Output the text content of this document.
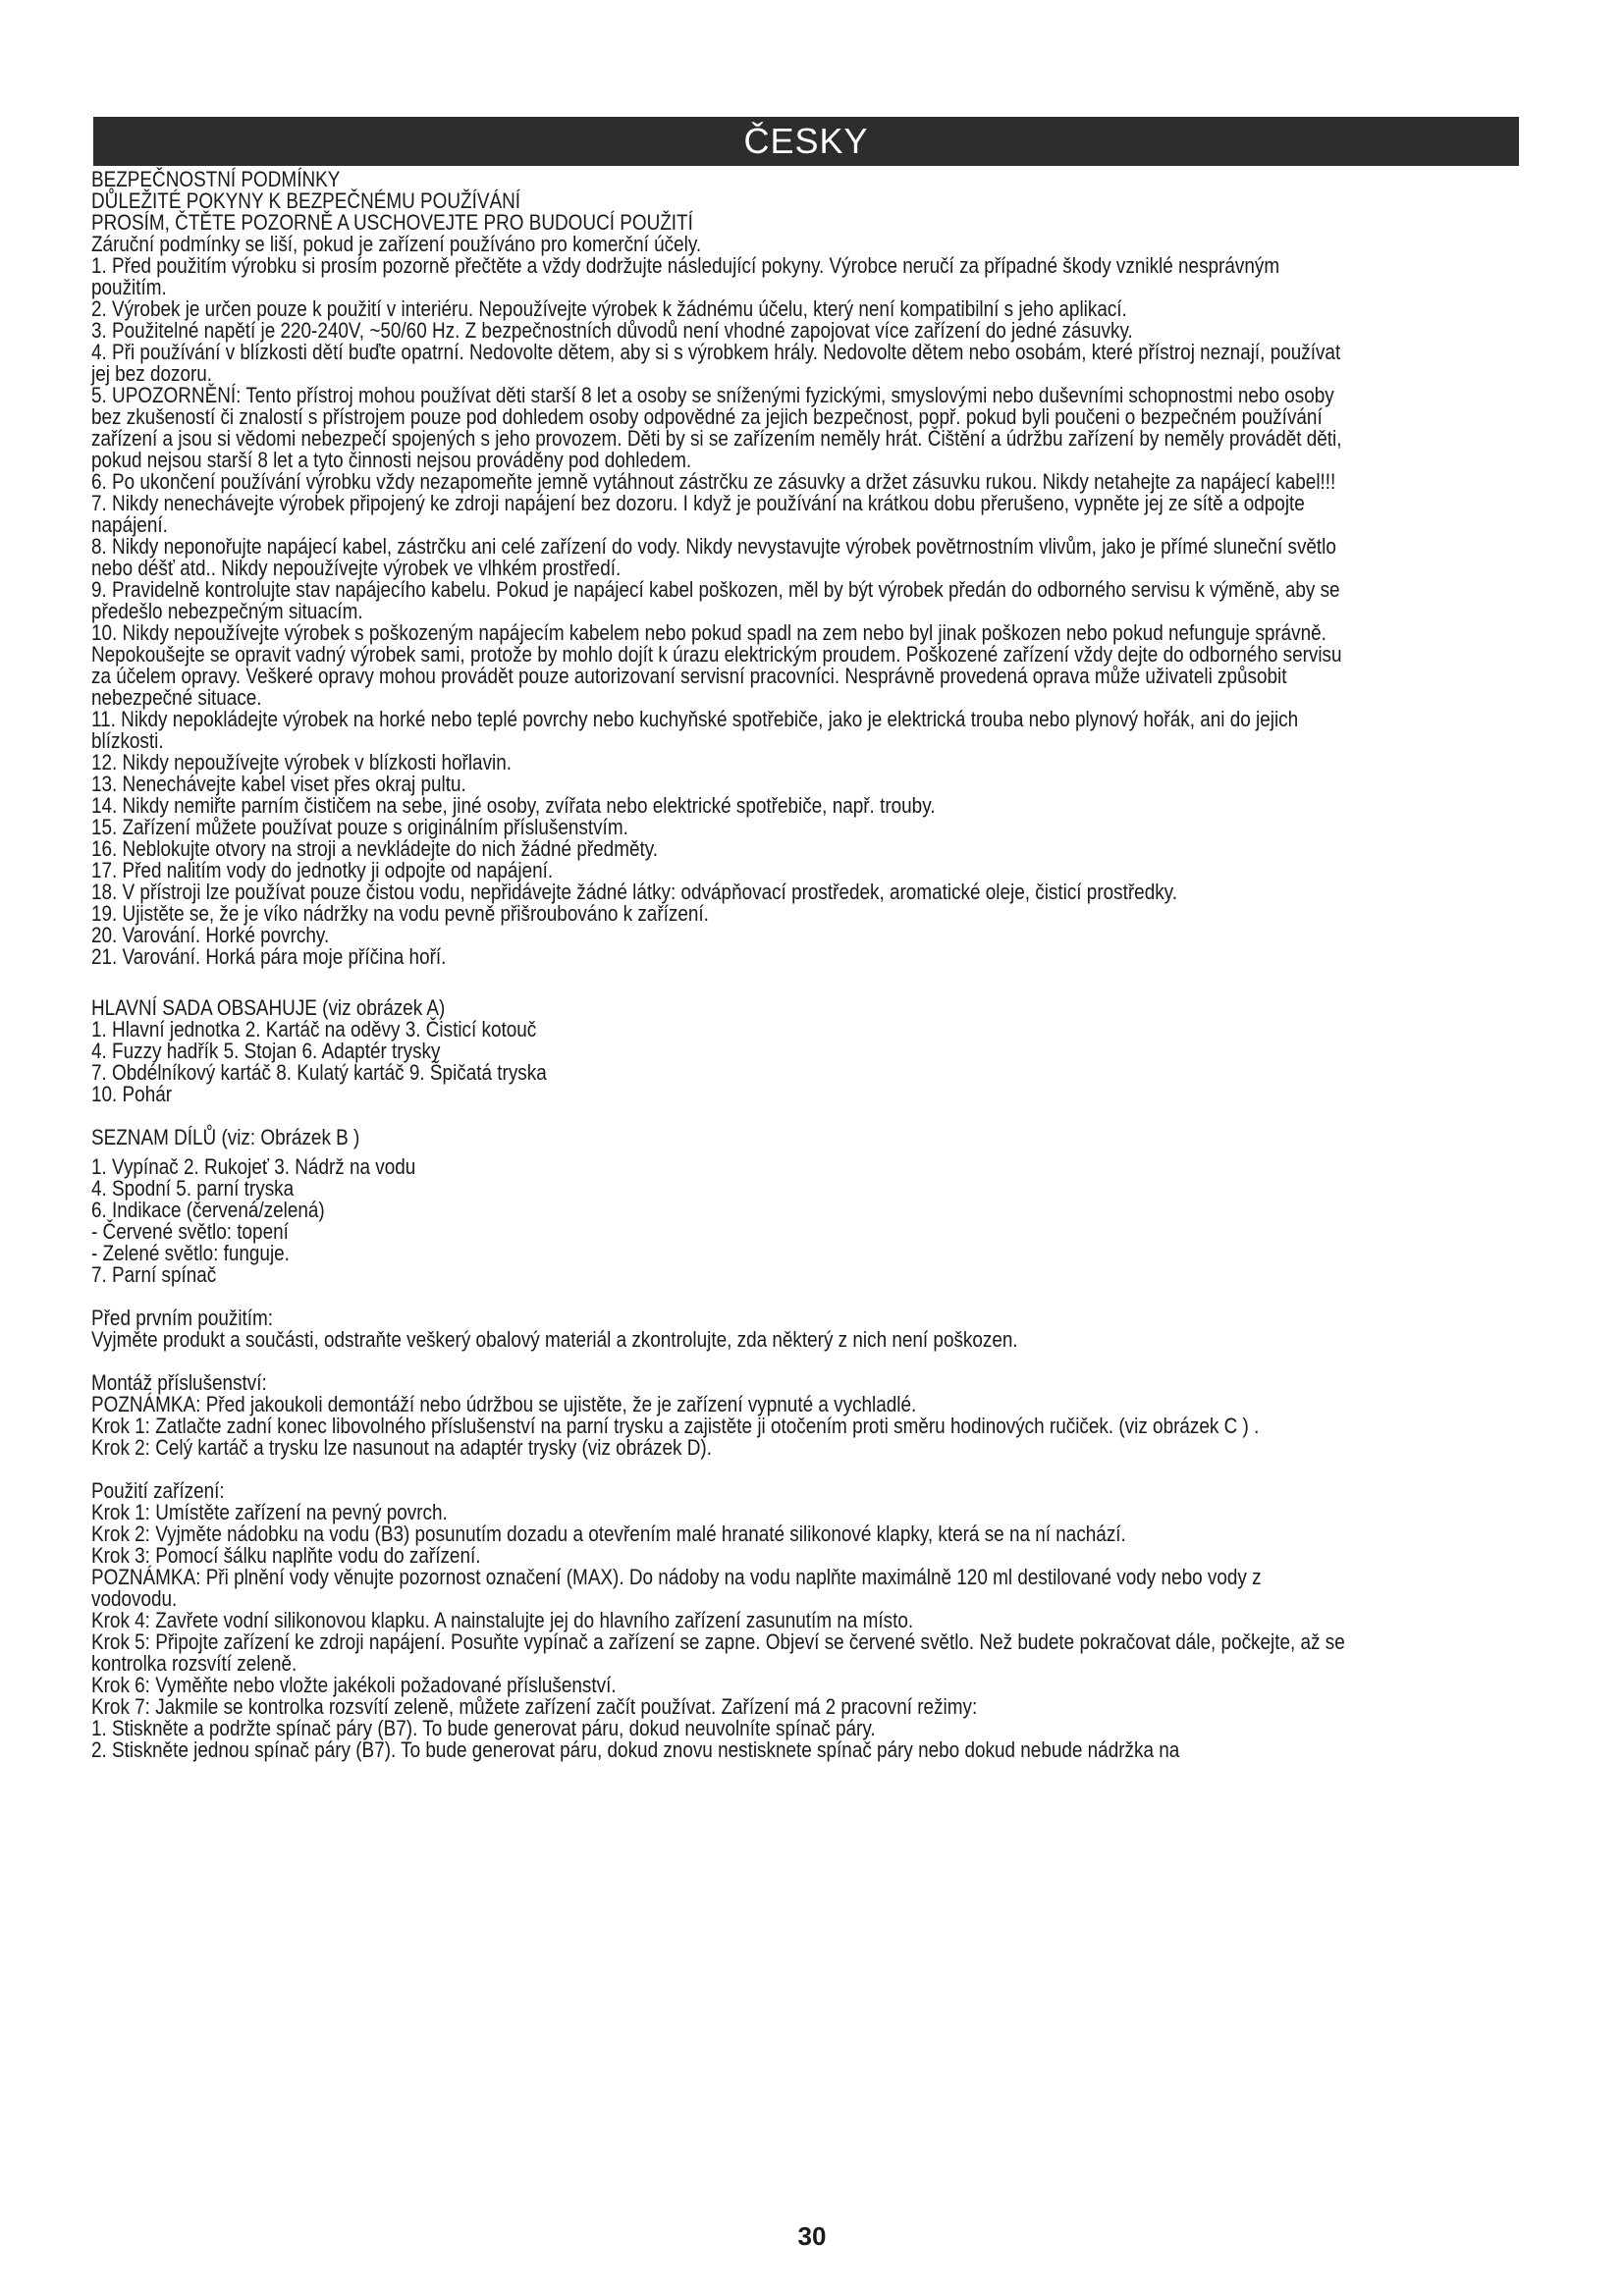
ČESKY

BEZPEČNOSTNÍ PODMÍNKY

DŮLEŽITÉ POKYNY K BEZPEČNÉMU POUŽÍVÁNÍ

PROSÍM, ČTĚTE POZORNĚ A USCHOVEJTE PRO BUDOUCÍ POUŽITÍ

Záruční podmínky se liší, pokud je zařízení používáno pro komerční účely.

1. Před použitím výrobku si prosím pozorně přečtěte a vždy dodržujte následující pokyny. Výrobce neručí za případné škody vzniklé nesprávným použitím.

2. Výrobek je určen pouze k použití v interiéru. Nepoužívejte výrobek k žádnému účelu, který není kompatibilní s jeho aplikací.

3. Použitelné napětí je 220-240V, ~50/60 Hz. Z bezpečnostních důvodů není vhodné zapojovat více zařízení do jedné zásuvky.

4. Při používání v blízkosti dětí buďte opatrní. Nedovolte dětem, aby si s výrobkem hrály. Nedovolte dětem nebo osobám, které přístroj neznají, používat jej bez dozoru.

5. UPOZORNĚNÍ: Tento přístroj mohou používat děti starší 8 let a osoby se sníženými fyzickými, smyslovými nebo duševními schopnostmi nebo osoby bez zkušeností či znalostí s přístrojem pouze pod dohledem osoby odpovědné za jejich bezpečnost, popř. pokud byli poučeni o bezpečném používání zařízení a jsou si vědomi nebezpečí spojených s jeho provozem. Děti by si se zařízením neměly hrát. Čištění a údržbu zařízení by neměly provádět děti, pokud nejsou starší 8 let a tyto činnosti nejsou prováděny pod dohledem.

6. Po ukončení používání výrobku vždy nezapomeňte jemně vytáhnout zástrčku ze zásuvky a držet zásuvku rukou. Nikdy netahejte za napájecí kabel!!!

7. Nikdy nenechávejte výrobek připojený ke zdroji napájení bez dozoru. I když je používání na krátkou dobu přerušeno, vypněte jej ze sítě a odpojte napájení.

8. Nikdy neponořujte napájecí kabel, zástrčku ani celé zařízení do vody. Nikdy nevystavujte výrobek povětrnostním vlivům, jako je přímé sluneční světlo nebo déšť atd.. Nikdy nepoužívejte výrobek ve vlhkém prostředí.

9. Pravidelně kontrolujte stav napájecího kabelu. Pokud je napájecí kabel poškozen, měl by být výrobek předán do odborného servisu k výměně, aby se předešlo nebezpečným situacím.

10. Nikdy nepoužívejte výrobek s poškozeným napájecím kabelem nebo pokud spadl na zem nebo byl jinak poškozen nebo pokud nefunguje správně. Nepokoušejte se opravit vadný výrobek sami, protože by mohlo dojít k úrazu elektrickým proudem. Poškozené zařízení vždy dejte do odborného servisu za účelem opravy. Veškeré opravy mohou provádět pouze autorizovaní servisní pracovníci. Nesprávně provedená oprava může uživateli způsobit nebezpečné situace.

11. Nikdy nepokládejte výrobek na horké nebo teplé povrchy nebo kuchyňské spotřebiče, jako je elektrická trouba nebo plynový hořák, ani do jejich blízkosti.

12. Nikdy nepoužívejte výrobek v blízkosti hořlavin.

13. Nenechávejte kabel viset přes okraj pultu.

14. Nikdy nemiřte parním čističem na sebe, jiné osoby, zvířata nebo elektrické spotřebiče, např. trouby.

15. Zařízení můžete používat pouze s originálním příslušenstvím.

16. Neblokujte otvory na stroji a nevkládejte do nich žádné předměty.

17. Před nalitím vody do jednotky ji odpojte od napájení.

18. V přístroji lze používat pouze čistou vodu, nepřidávejte žádné látky: odvápňovací prostředek, aromatické oleje, čisticí prostředky.

19. Ujistěte se, že je víko nádržky na vodu pevně přišroubováno k zařízení.

20. Varování. Horké povrchy.

21. Varování. Horká pára moje příčina hoří.

HLAVNÍ SADA OBSAHUJE (viz obrázek A)
1. Hlavní jednotka 2. Kartáč na oděvy 3. Čisticí kotouč
4. Fuzzy hadřík 5. Stojan 6. Adaptér trysky
7. Obdélníkový kartáč 8. Kulatý kartáč 9. Špičatá tryska
10. Pohár
SEZNAM DÍLŮ (viz: Obrázek B )
1. Vypínač 2. Rukojeť 3. Nádrž na vodu
4. Spodní 5. parní tryska
6. Indikace (červená/zelená)
- Červené světlo: topení
- Zelené světlo: funguje.
7. Parní spínač

Před prvním použitím:

Vyjměte produkt a součásti, odstraňte veškerý obalový materiál a zkontrolujte, zda některý z nich není poškozen.

Montáž příslušenství:

POZNÁMKA: Před jakoukoli demontáží nebo údržbou se ujistěte, že je zařízení vypnuté a vychladlé.

Krok 1: Zatlačte zadní konec libovolného příslušenství na parní trysku a zajistěte ji otočením proti směru hodinových ručiček. (viz obrázek C ) .

Krok 2: Celý kartáč a trysku lze nasunout na adaptér trysky (viz obrázek D).

Použití zařízení:

Krok 1: Umístěte zařízení na pevný povrch.

Krok 2: Vyjměte nádobku na vodu (B3) posunutím dozadu a otevřením malé hranaté silikonové klapky, která se na ní nachází.

Krok 3: Pomocí šálku naplňte vodu do zařízení.

POZNÁMKA: Při plnění vody věnujte pozornost označení (MAX). Do nádoby na vodu naplňte maximálně 120 ml destilované vody nebo vody z vodovodu.

Krok 4: Zavřete vodní silikonovou klapku. A nainstalujte jej do hlavního zařízení zasunutím na místo.

Krok 5: Připojte zařízení ke zdroji napájení. Posuňte vypínač a zařízení se zapne. Objeví se červené světlo. Než budete pokračovat dále, počkejte, až se kontrolka rozsvítí zeleně.

Krok 6: Vyměňte nebo vložte jakékoli požadované příslušenství.

Krok 7: Jakmile se kontrolka rozsvítí zeleně, můžete zařízení začít používat. Zařízení má 2 pracovní režimy:

1. Stiskněte a podržte spínač páry (B7). To bude generovat páru, dokud neuvolníte spínač páry.

2. Stiskněte jednou spínač páry (B7). To bude generovat páru, dokud znovu nestisknete spínač páry nebo dokud nebude nádržka na

30
